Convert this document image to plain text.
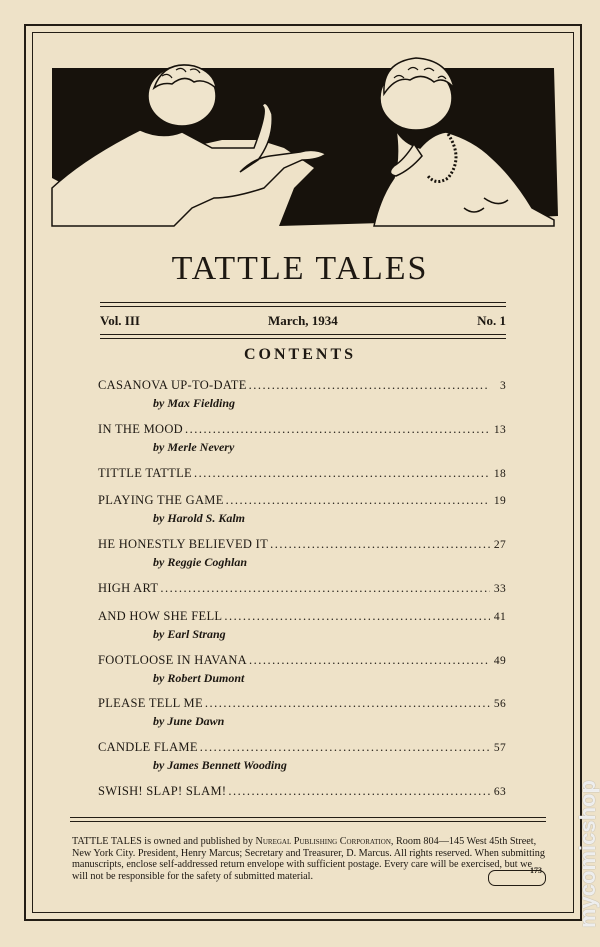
TATTLE TALES
Vol. III	March, 1934	No. 1
CONTENTS
CASANOVA UP-TO-DATE .....	3
by Max Fielding
IN THE MOOD .....	13
by Merle Nevery
TITTLE TATTLE .....	18
PLAYING THE GAME .....	19
by Harold S. Kalm
HE HONESTLY BELIEVED IT .....	27
by Reggie Coghlan
HIGH ART .....	33
AND HOW SHE FELL .....	41
by Earl Strang
FOOTLOOSE IN HAVANA .....	49
by Robert Dumont
PLEASE TELL ME .....	56
by June Dawn
CANDLE FLAME .....	57
by James Bennett Wooding
SWISH! SLAP! SLAM! .....	63
TATTLE TALES is owned and published by Nuregal Publishing Corporation, Room 804—145 West 45th Street, New York City. President, Henry Marcus; Secretary and Treasurer, D. Marcus. All rights reserved. When submitting manuscripts, enclose self-addressed return envelope with sufficient postage. Every care will be exercised, but we will not be responsible for the safety of submitted material.	173 mycomicshop
